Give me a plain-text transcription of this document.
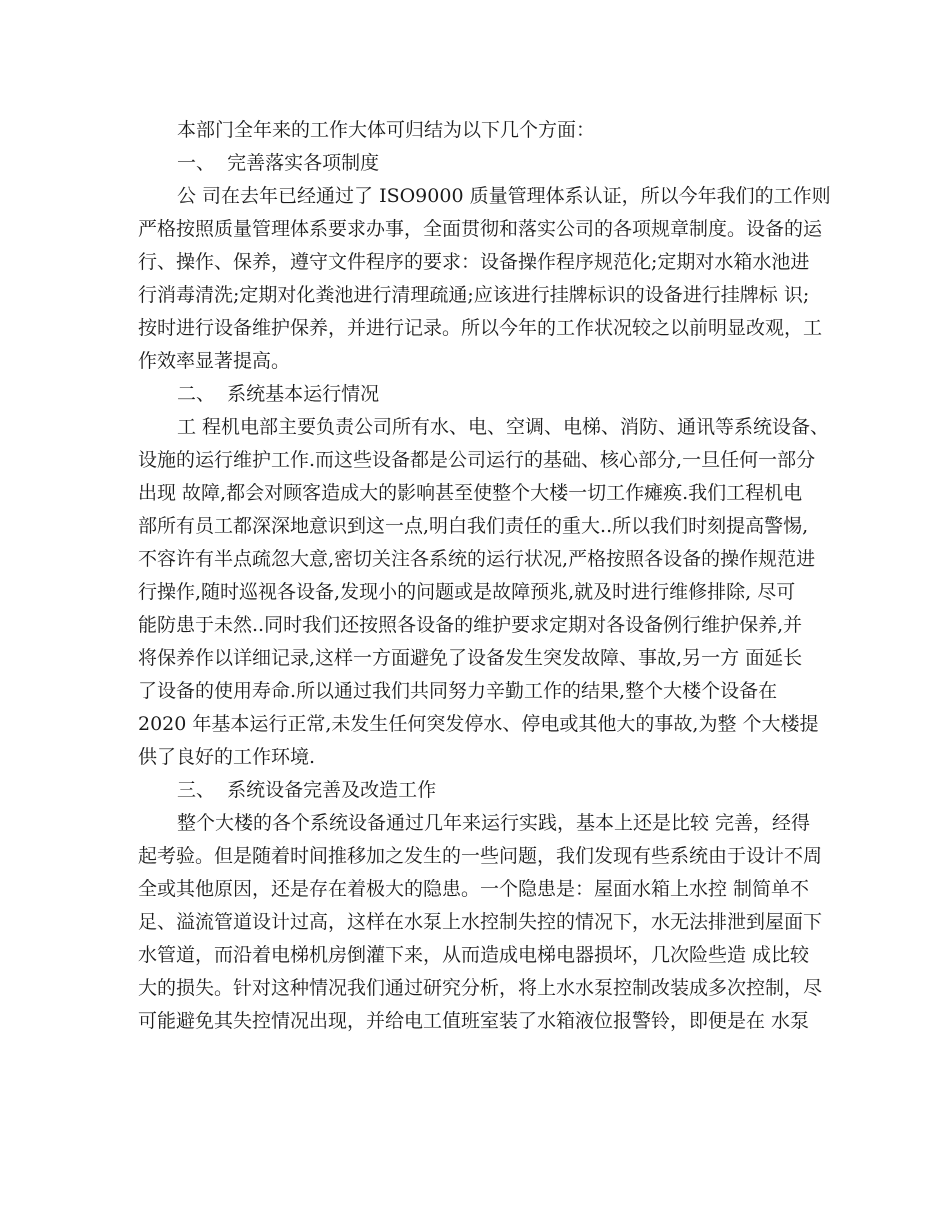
本部门全年来的工作大体可归结为以下几个方面：
一、  完善落实各项制度
公 司在去年已经通过了 ISO9000 质量管理体系认证，所以今年我们的工作则
严格按照质量管理体系要求办事，全面贯彻和落实公司的各项规章制度。设备的运
行、操作、保养，遵守文件程序的要求：设备操作程序规范化;定期对水箱水池进
行消毒清洗;定期对化粪池进行清理疏通;应该进行挂牌标识的设备进行挂牌标 识;
按时进行设备维护保养，并进行记录。所以今年的工作状况较之以前明显改观，工
作效率显著提高。
二、  系统基本运行情况
工 程机电部主要负责公司所有水、电、空调、电梯、消防、通讯等系统设备、
设施的运行维护工作.而这些设备都是公司运行的基础、核心部分,一旦任何一部分
出现 故障,都会对顾客造成大的影响甚至使整个大楼一切工作瘫痪.我们工程机电
部所有员工都深深地意识到这一点,明白我们责任的重大..所以我们时刻提高警惕,
不容许有半点疏忽大意,密切关注各系统的运行状况,严格按照各设备的操作规范进
行操作,随时巡视各设备,发现小的问题或是故障预兆,就及时进行维修排除, 尽可
能防患于未然..同时我们还按照各设备的维护要求定期对各设备例行维护保养,并
将保养作以详细记录,这样一方面避免了设备发生突发故障、事故,另一方 面延长
了设备的使用寿命.所以通过我们共同努力辛勤工作的结果,整个大楼个设备在
2020 年基本运行正常,未发生任何突发停水、停电或其他大的事故,为整 个大楼提
供了良好的工作环境.
三、  系统设备完善及改造工作
整个大楼的各个系统设备通过几年来运行实践，基本上还是比较 完善，经得
起考验。但是随着时间推移加之发生的一些问题，我们发现有些系统由于设计不周
全或其他原因，还是存在着极大的隐患。一个隐患是：屋面水箱上水控 制简单不
足、溢流管道设计过高，这样在水泵上水控制失控的情况下，水无法排泄到屋面下
水管道，而沿着电梯机房倒灌下来，从而造成电梯电器损坏，几次险些造 成比较
大的损失。针对这种情况我们通过研究分析，将上水水泵控制改装成多次控制，尽
可能避免其失控情况出现，并给电工值班室装了水箱液位报警铃，即便是在 水泵
